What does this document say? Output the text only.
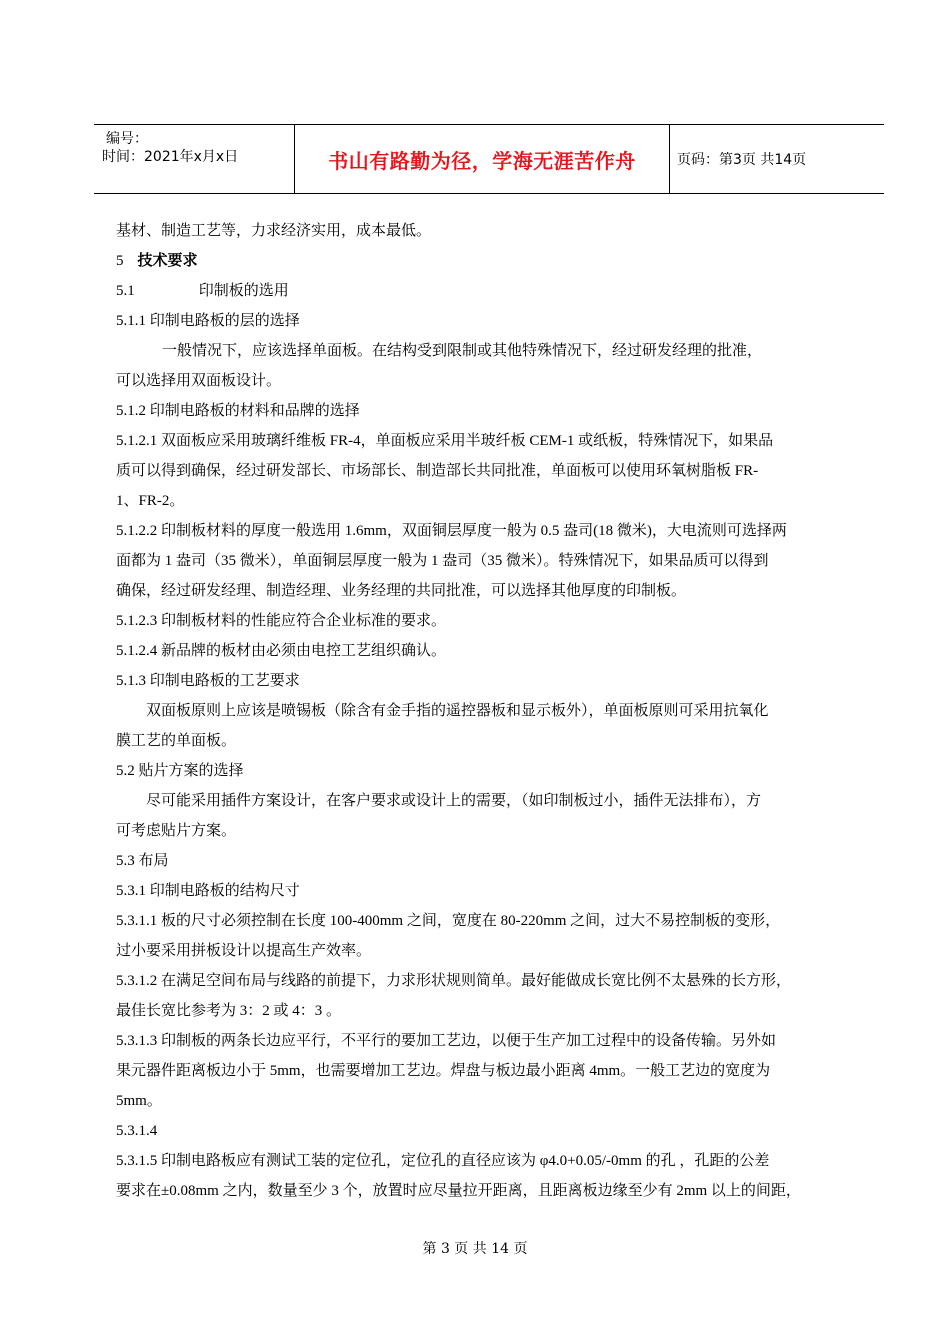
编号：
时间：2021年x月x日	书山有路勤为径，学海无涯苦作舟	页码：第3页 共14页

基材、制造工艺等，力求经济实用，成本最低。

5 技术要求

5.1	印制板的选用

5.1.1 印制电路板的层的选择

一般情况下，应该选择单面板。在结构受到限制或其他特殊情况下，经过研发经理的批准，

可以选择用双面板设计。

5.1.2 印制电路板的材料和品牌的选择

5.1.2.1 双面板应采用玻璃纤维板 FR-4，单面板应采用半玻纤板 CEM-1 或纸板，特殊情况下，如果品

质可以得到确保，经过研发部长、市场部长、制造部长共同批准，单面板可以使用环氧树脂板 FR-

1、FR-2。

5.1.2.2 印制板材料的厚度一般选用 1.6mm，双面铜层厚度一般为 0.5 盎司(18 微米)，大电流则可选择两

面都为 1 盎司（35 微米），单面铜层厚度一般为 1 盎司（35 微米）。特殊情况下，如果品质可以得到

确保，经过研发经理、制造经理、业务经理的共同批准，可以选择其他厚度的印制板。

5.1.2.3 印制板材料的性能应符合企业标准的要求。

5.1.2.4 新品牌的板材由必须由电控工艺组织确认。

5.1.3 印制电路板的工艺要求

双面板原则上应该是喷锡板（除含有金手指的遥控器板和显示板外），单面板原则可采用抗氧化

膜工艺的单面板。

5.2 贴片方案的选择

尽可能采用插件方案设计，在客户要求或设计上的需要，（如印制板过小，插件无法排布），方

可考虑贴片方案。

5.3 布局

5.3.1 印制电路板的结构尺寸

5.3.1.1 板的尺寸必须控制在长度 100-400mm 之间，宽度在 80-220mm 之间，过大不易控制板的变形，

过小要采用拼板设计以提高生产效率。

5.3.1.2 在满足空间布局与线路的前提下，力求形状规则简单。最好能做成长宽比例不太悬殊的长方形，

最佳长宽比参考为 3：2 或 4：3 。

5.3.1.3 印制板的两条长边应平行，不平行的要加工艺边，以便于生产加工过程中的设备传输。另外如

果元器件距离板边小于 5mm，也需要增加工艺边。焊盘与板边最小距离 4mm。一般工艺边的宽度为

5mm。

5.3.1.4

5.3.1.5 印制电路板应有测试工装的定位孔，定位孔的直径应该为 φ4.0+0.05/-0mm 的孔 ，孔距的公差

要求在±0.08mm 之内，数量至少 3 个，放置时应尽量拉开距离，且距离板边缘至少有 2mm 以上的间距，

第 3 页 共 14 页
